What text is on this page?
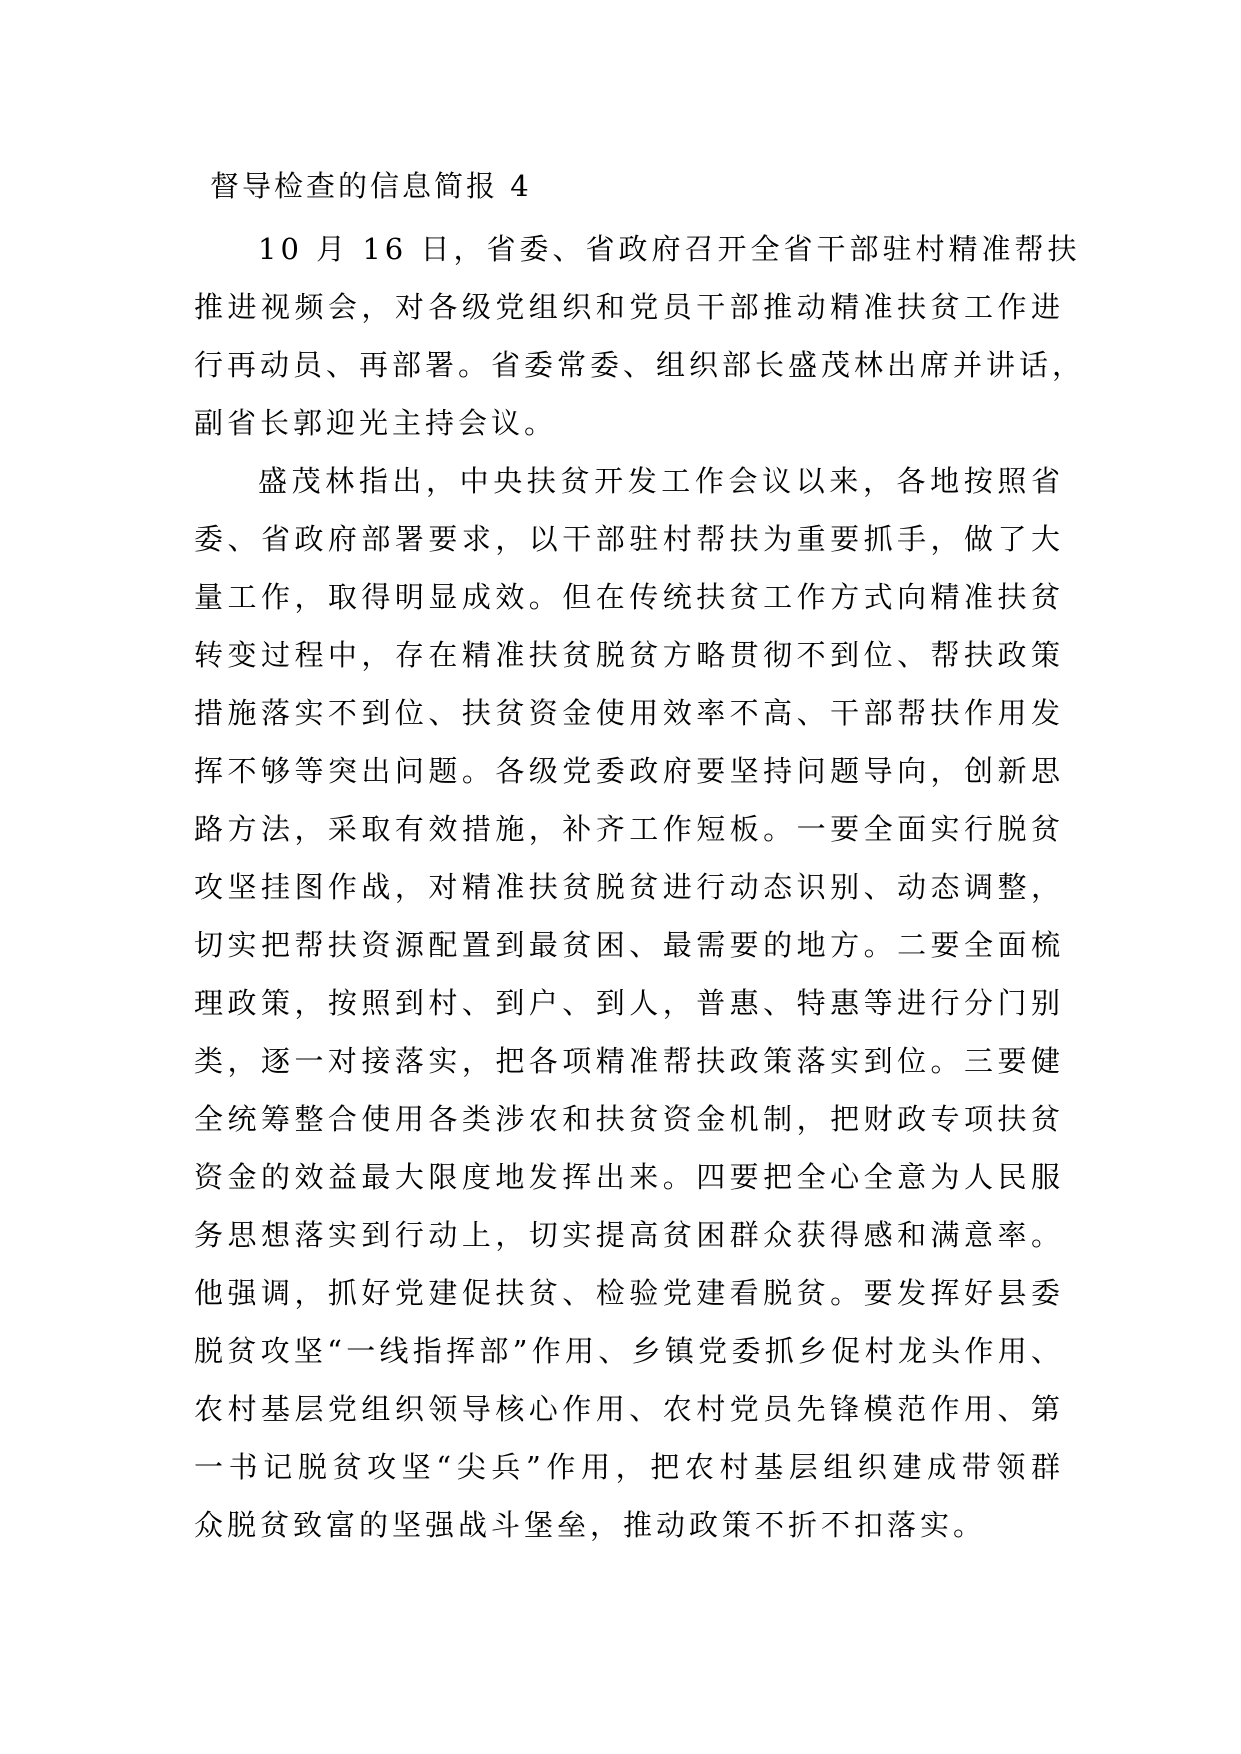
督导检查的信息简报 4
10 月 16 日，省委、省政府召开全省干部驻村精准帮扶
推进视频会，对各级党组织和党员干部推动精准扶贫工作进
行再动员、再部署。省委常委、组织部长盛茂林出席并讲话，
副省长郭迎光主持会议。
盛茂林指出，中央扶贫开发工作会议以来，各地按照省
委、省政府部署要求，以干部驻村帮扶为重要抓手，做了大
量工作，取得明显成效。但在传统扶贫工作方式向精准扶贫
转变过程中，存在精准扶贫脱贫方略贯彻不到位、帮扶政策
措施落实不到位、扶贫资金使用效率不高、干部帮扶作用发
挥不够等突出问题。各级党委政府要坚持问题导向，创新思
路方法，采取有效措施，补齐工作短板。一要全面实行脱贫
攻坚挂图作战，对精准扶贫脱贫进行动态识别、动态调整，
切实把帮扶资源配置到最贫困、最需要的地方。二要全面梳
理政策，按照到村、到户、到人，普惠、特惠等进行分门别
类，逐一对接落实，把各项精准帮扶政策落实到位。三要健
全统筹整合使用各类涉农和扶贫资金机制，把财政专项扶贫
资金的效益最大限度地发挥出来。四要把全心全意为人民服
务思想落实到行动上，切实提高贫困群众获得感和满意率。
他强调，抓好党建促扶贫、检验党建看脱贫。要发挥好县委
脱贫攻坚“一线指挥部”作用、乡镇党委抓乡促村龙头作用、
农村基层党组织领导核心作用、农村党员先锋模范作用、第
一书记脱贫攻坚“尖兵”作用，把农村基层组织建成带领群
众脱贫致富的坚强战斗堡垒，推动政策不折不扣落实。
